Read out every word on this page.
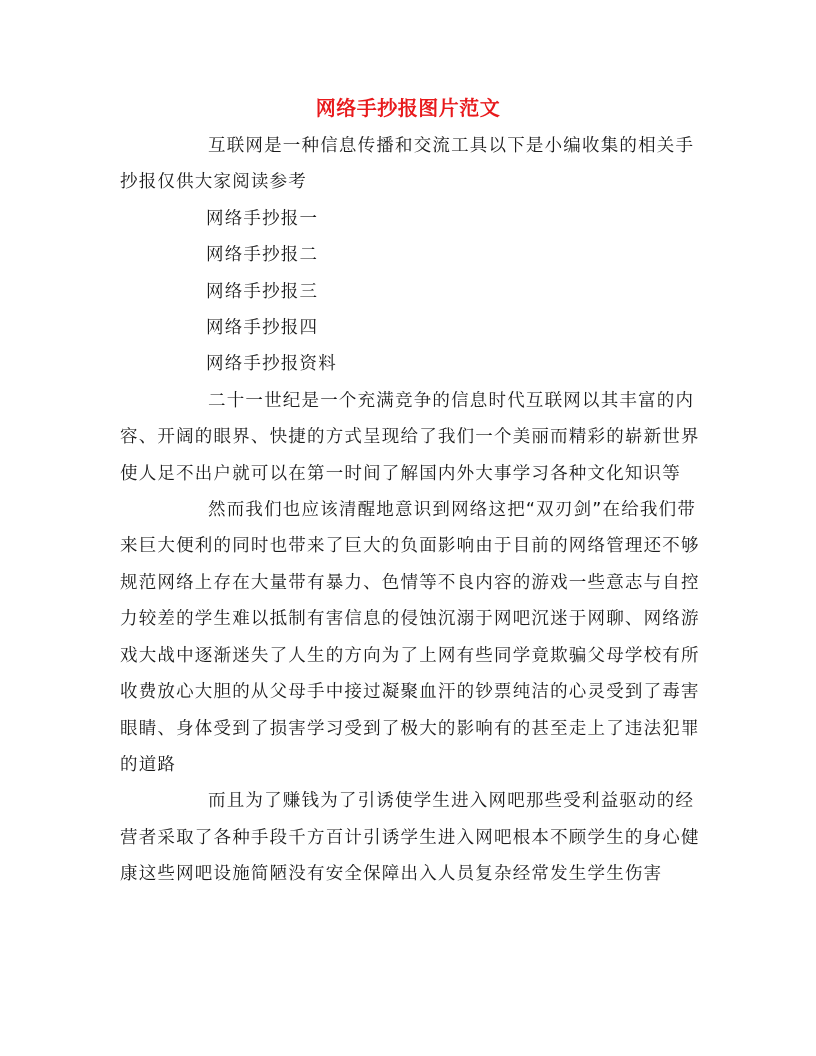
网络手抄报图片范文

互联网是一种信息传播和交流工具以下是小编收集的相关手抄报仅供大家阅读参考

网络手抄报一

网络手抄报二

网络手抄报三

网络手抄报四

网络手抄报资料

二十一世纪是一个充满竞争的信息时代互联网以其丰富的内容、开阔的眼界、快捷的方式呈现给了我们一个美丽而精彩的崭新世界使人足不出户就可以在第一时间了解国内外大事学习各种文化知识等

然而我们也应该清醒地意识到网络这把“双刃剑”在给我们带来巨大便利的同时也带来了巨大的负面影响由于目前的网络管理还不够规范网络上存在大量带有暴力、色情等不良内容的游戏一些意志与自控力较差的学生难以抵制有害信息的侵蚀沉溺于网吧沉迷于网聊、网络游戏大战中逐渐迷失了人生的方向为了上网有些同学竟欺骗父母学校有所收费放心大胆的从父母手中接过凝聚血汗的钞票纯洁的心灵受到了毒害眼睛、身体受到了损害学习受到了极大的影响有的甚至走上了违法犯罪的道路

而且为了赚钱为了引诱使学生进入网吧那些受利益驱动的经营者采取了各种手段千方百计引诱学生进入网吧根本不顾学生的身心健康这些网吧设施简陋没有安全保障出入人员复杂经常发生学生伤害
